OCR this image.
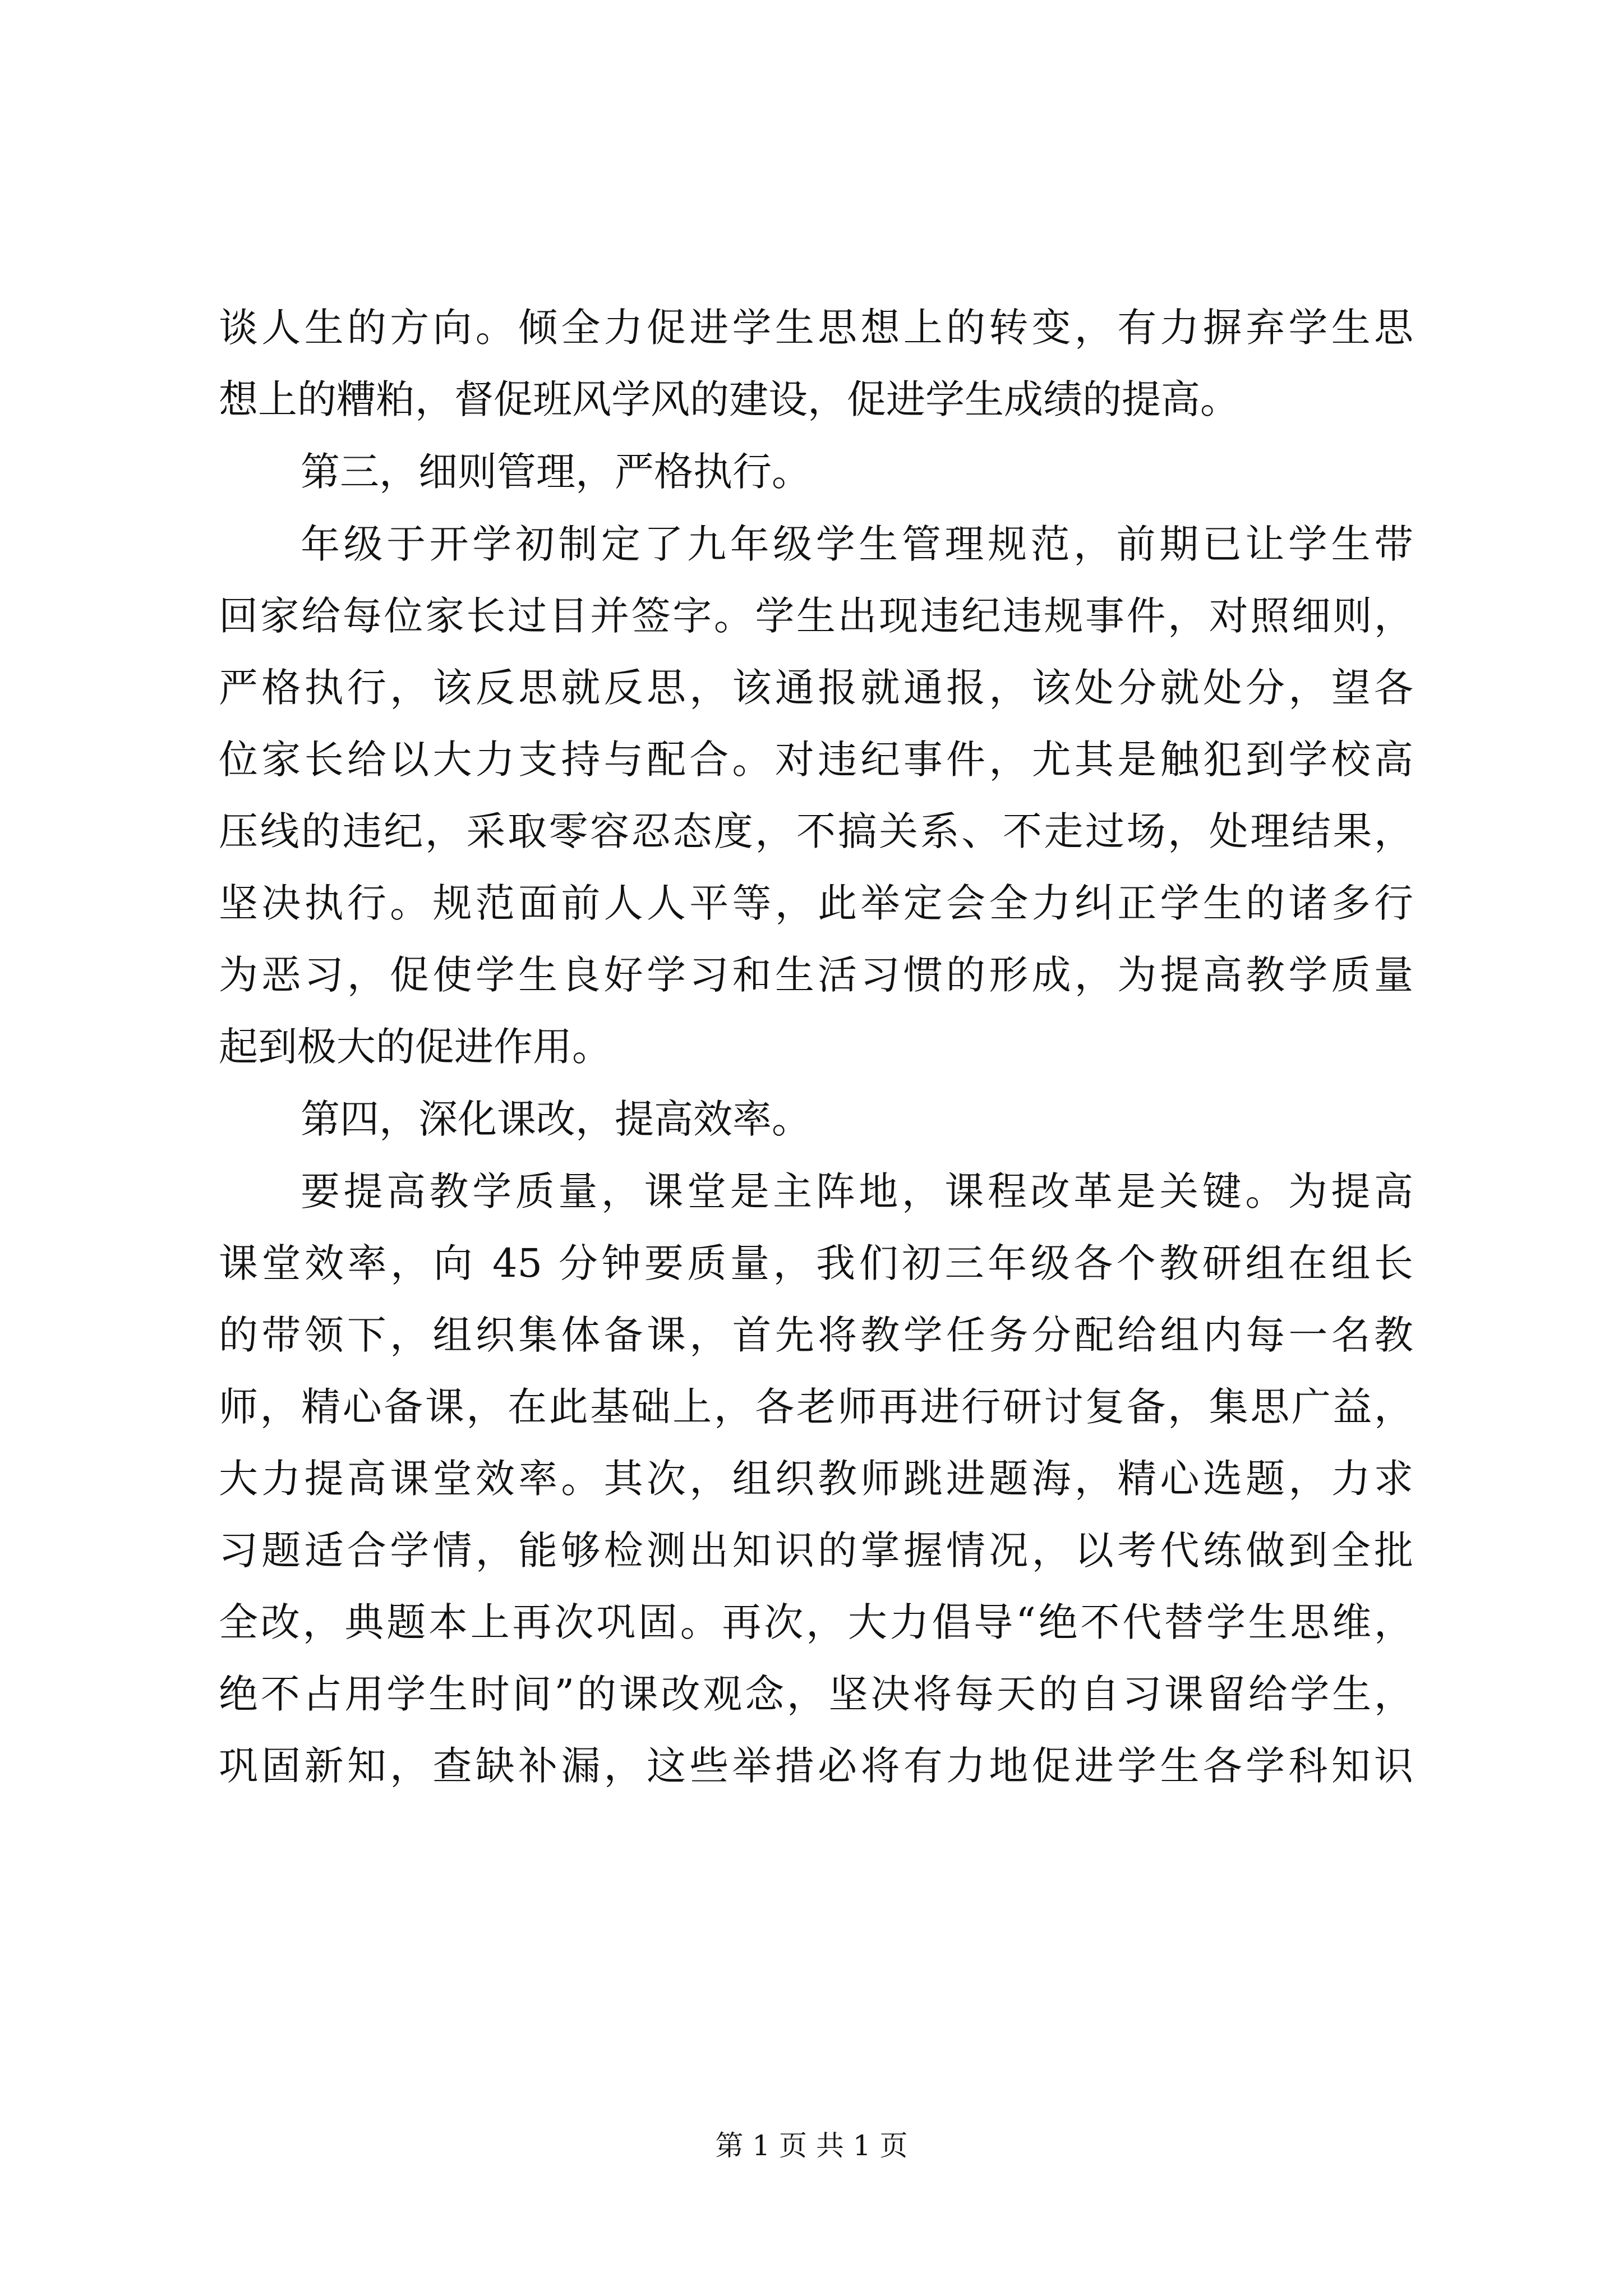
谈人生的方向。倾全力促进学生思想上的转变，有力摒弃学生思
想上的糟粕，督促班风学风的建设，促进学生成绩的提高。
第三，细则管理，严格执行。
年级于开学初制定了九年级学生管理规范，前期已让学生带
回家给每位家长过目并签字。学生出现违纪违规事件，对照细则，
严格执行，该反思就反思，该通报就通报，该处分就处分，望各
位家长给以大力支持与配合。对违纪事件，尤其是触犯到学校高
压线的违纪，采取零容忍态度，不搞关系、不走过场，处理结果，
坚决执行。规范面前人人平等，此举定会全力纠正学生的诸多行
为恶习，促使学生良好学习和生活习惯的形成，为提高教学质量
起到极大的促进作用。
第四，深化课改，提高效率。
要提高教学质量，课堂是主阵地，课程改革是关键。为提高
课堂效率，向 45 分钟要质量，我们初三年级各个教研组在组长
的带领下，组织集体备课，首先将教学任务分配给组内每一名教
师，精心备课，在此基础上，各老师再进行研讨复备，集思广益，
大力提高课堂效率。其次，组织教师跳进题海，精心选题，力求
习题适合学情，能够检测出知识的掌握情况，以考代练做到全批
全改，典题本上再次巩固。再次，大力倡导“绝不代替学生思维，
绝不占用学生时间”的课改观念，坚决将每天的自习课留给学生，
巩固新知，查缺补漏，这些举措必将有力地促进学生各学科知识
第 1 页 共 1 页
